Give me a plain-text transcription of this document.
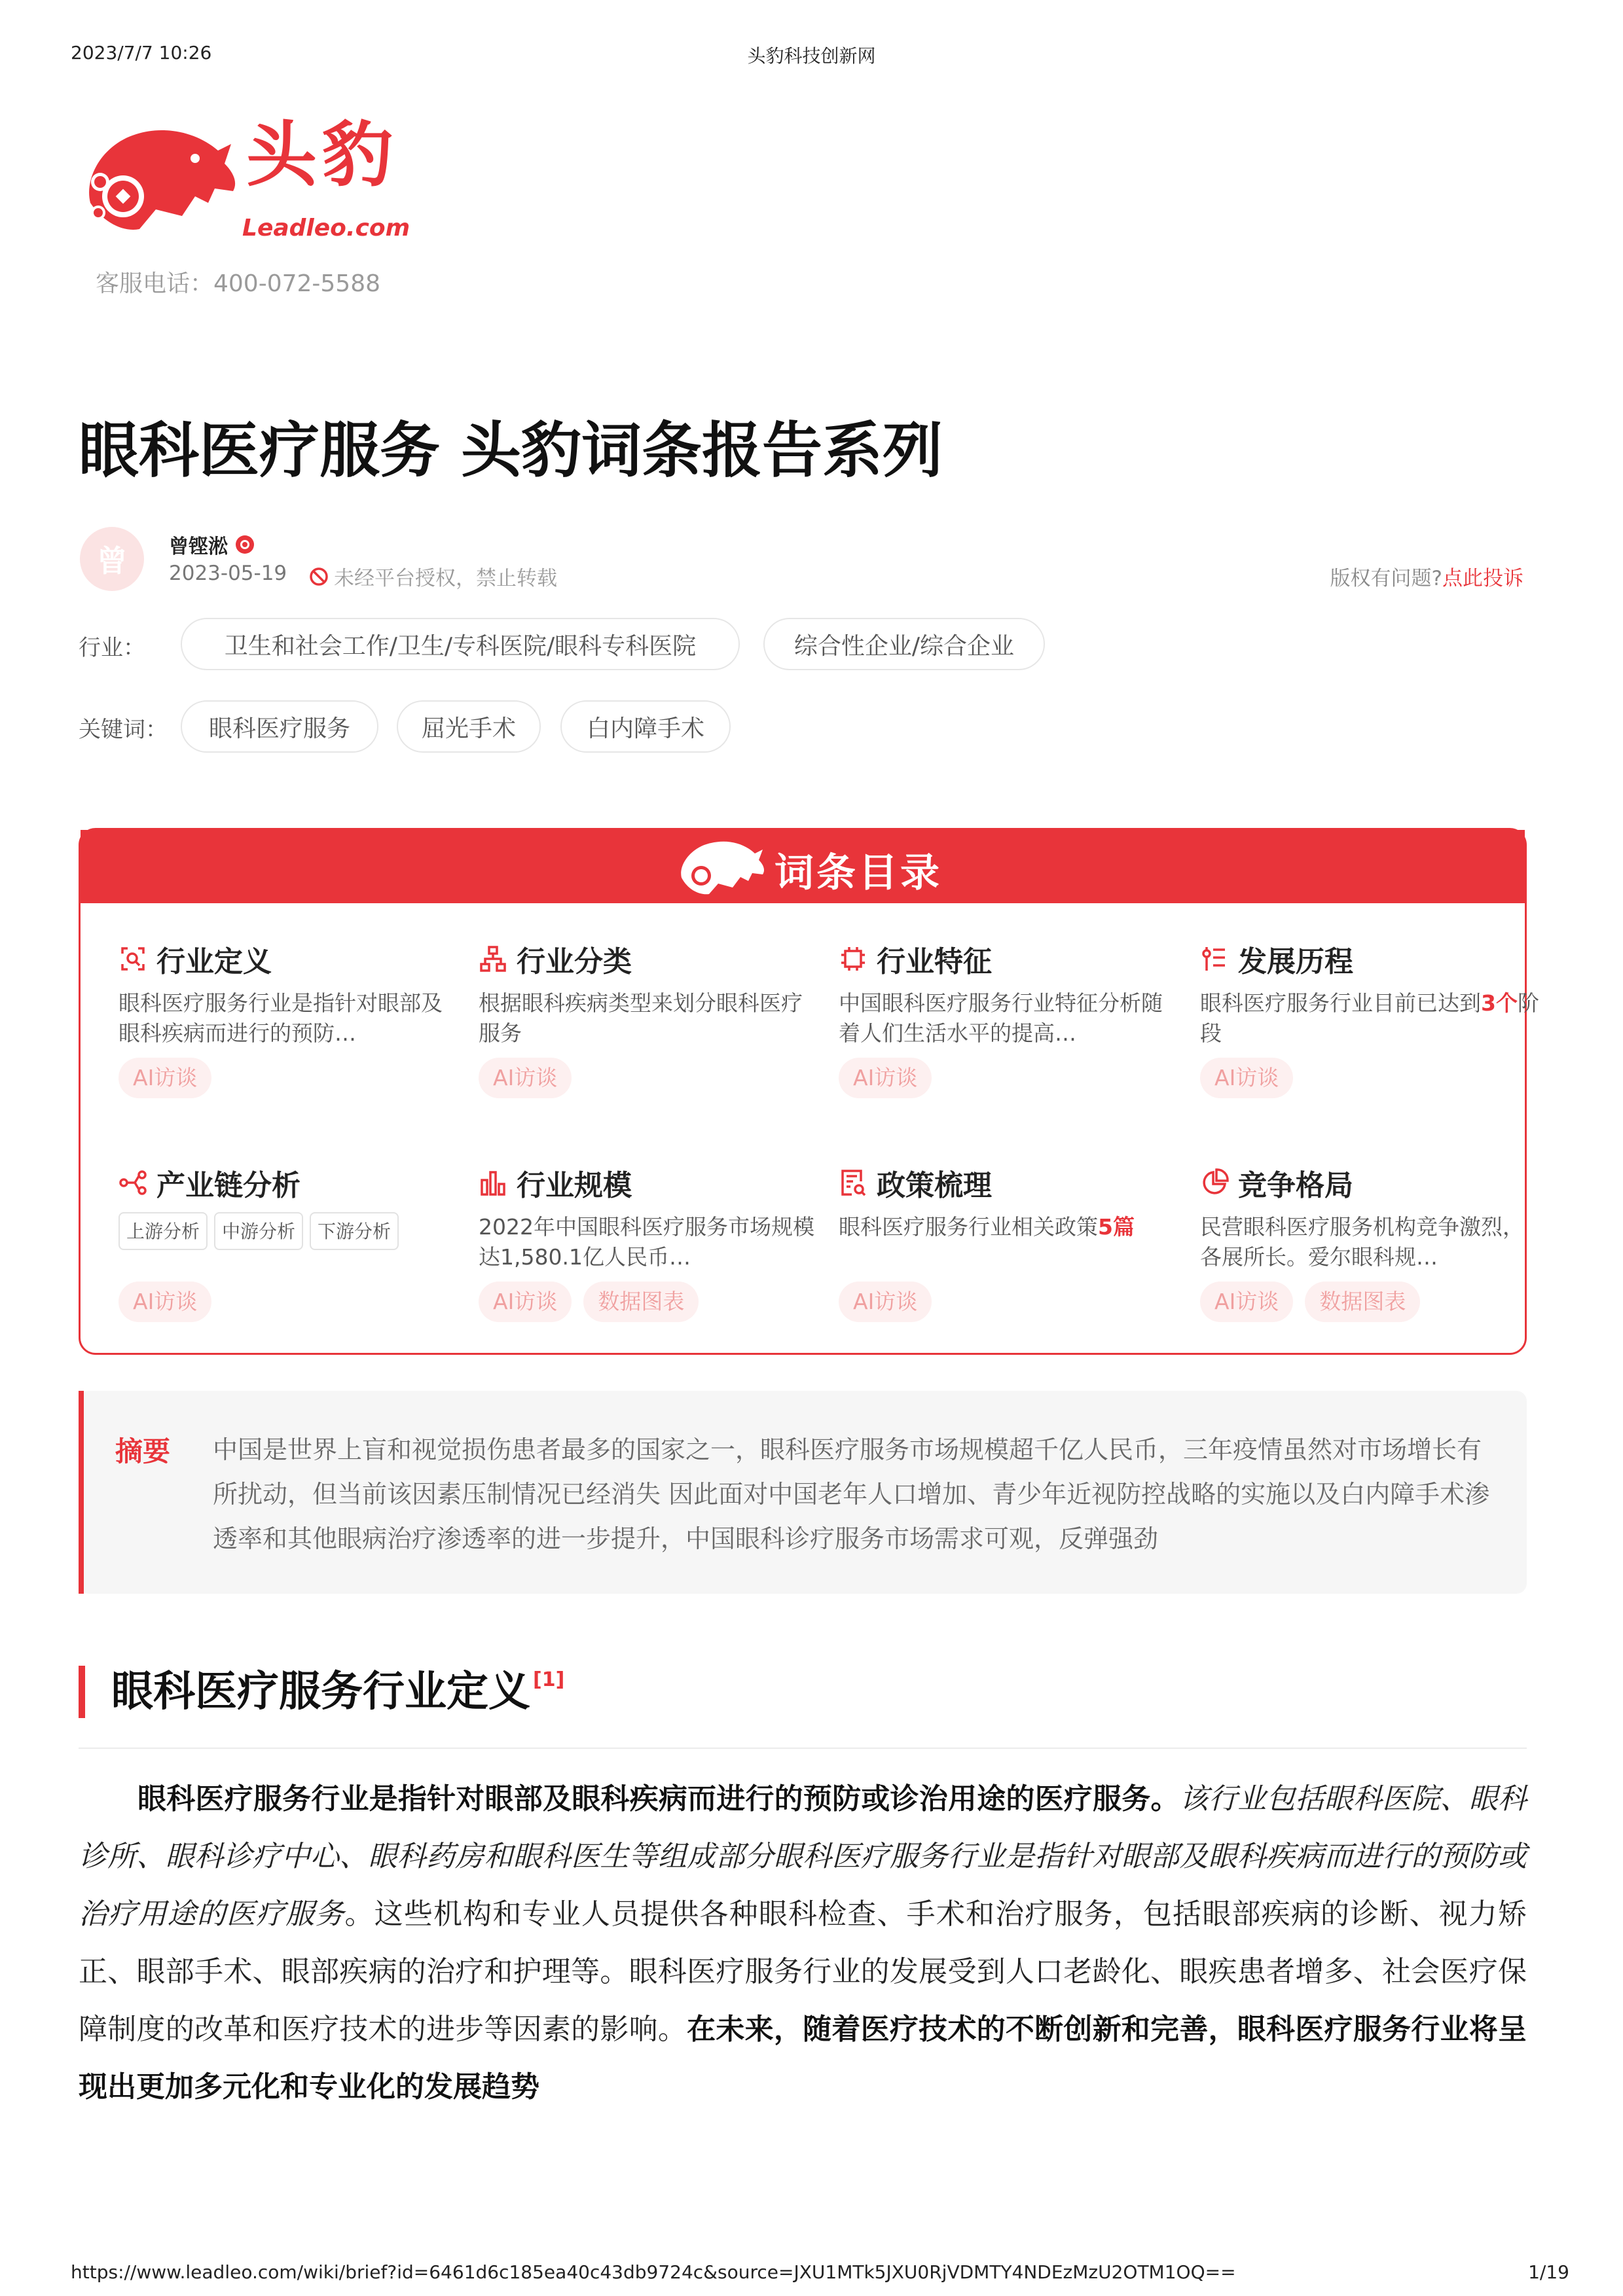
2023/7/7 10:26	头豹科技创新网
头豹
Leadleo.com
客服电话：400-072-5588
眼科医疗服务 头豹词条报告系列
曾	曾铿淞
2023-05-19 未经平台授权，禁止转载	版权有问题?点此投诉
行业：	卫生和社会工作/卫生/专科医院/眼科专科医院	综合性企业/综合企业
关键词：	眼科医疗服务	屈光手术	白内障手术
词条目录
行业定义
眼科医疗服务行业是指针对眼部及眼科疾病而进行的预防…
AI访谈
行业分类
根据眼科疾病类型来划分眼科医疗服务
AI访谈
行业特征
中国眼科医疗服务行业特征分析随着人们生活水平的提高…
AI访谈
发展历程
眼科医疗服务行业目前已达到3个阶段
AI访谈
产业链分析
上游分析 中游分析 下游分析
AI访谈
行业规模
2022年中国眼科医疗服务市场规模达1,580.1亿人民币…
AI访谈 数据图表
政策梳理
眼科医疗服务行业相关政策5篇
AI访谈
竞争格局
民营眼科医疗服务机构竞争激烈，各展所长。爱尔眼科规…
AI访谈 数据图表
摘要 中国是世界上盲和视觉损伤患者最多的国家之一，眼科医疗服务市场规模超千亿人民币，三年疫情虽然对市场增长有所扰动，但当前该因素压制情况已经消失 因此面对中国老年人口增加、青少年近视防控战略的实施以及白内障手术渗透率和其他眼病治疗渗透率的进一步提升，中国眼科诊疗服务市场需求可观，反弹强劲
眼科医疗服务行业定义 [1]
眼科医疗服务行业是指针对眼部及眼科疾病而进行的预防或诊治用途的医疗服务。该行业包括眼科医院、眼科诊所、眼科诊疗中心、眼科药房和眼科医生等组成部分眼科医疗服务行业是指针对眼部及眼科疾病而进行的预防或治疗用途的医疗服务。这些机构和专业人员提供各种眼科检查、手术和治疗服务，包括眼部疾病的诊断、视力矫正、眼部手术、眼部疾病的治疗和护理等。眼科医疗服务行业的发展受到人口老龄化、眼疾患者增多、社会医疗保障制度的改革和医疗技术的进步等因素的影响。在未来，随着医疗技术的不断创新和完善，眼科医疗服务行业将呈现出更加多元化和专业化的发展趋势
https://www.leadleo.com/wiki/brief?id=6461d6c185ea40c43db9724c&source=JXU1MTk5JXU0RjVDMTY4NDEzMzU2OTM1OQ==	1/19
